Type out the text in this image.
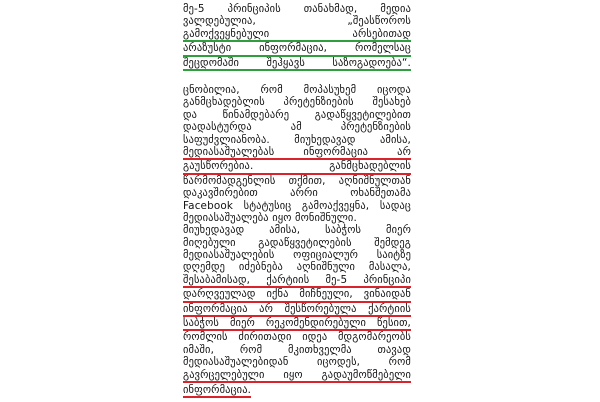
მე-5 პრინციპის თანახმად, მედია
ვალდებულია, „შეასწოროს
გამოქვეყნებული არსებითად
არაზუსტი ინფორმაცია, რომელსაც
შეცდომაში შეჰყავს საზოგადოება“.
ცნობილია, რომ მოპასუხემ იცოდა
განმცხადებლის პრეტენზიების შესახებ
და წინამდებარე გადაწყვეტილებით
დადასტურდა ამ პრეტენზიების
საფუძვლიანობა. მიუხედავად ამისა,
მედიასაშუალებას ინფორმაცია არ
გაუსწორებია. განმცხადებლის
წარმომადგენლის თქმით, აღნიშნულთან
დაკავშირებით არრი ოხანშეთამა
Facebook სტატუსიც გამოაქვეყნა, სადაც
მედიასაშუალება იყო მონიშნული.
მიუხედავად ამისა, საბჭოს მიერ
მიღებული გადაწყვეტილების შემდეგ
მედიასაშუალების ოფიციალურ საიტზე
დღემდე იძებნება აღნიშნული მასალა,
შესაბამისად, ქარტიის მე-5 პრინციპი
დარღვეულად იქნა მიჩნეული, ვინაიდან
ინფორმაცია არ შესწორებულა ქარტიის
საბჭოს მიერ რეკომენდირებული წესით,
რომლის ძირითადი იდეა მდგომარეობს
იმაში, რომ მკითხველმა თავად
მედიასაშუალებიდან იცოდეს, რომ
გავრცელებული იყო გადაუმოწმებელი
ინფორმაცია.
